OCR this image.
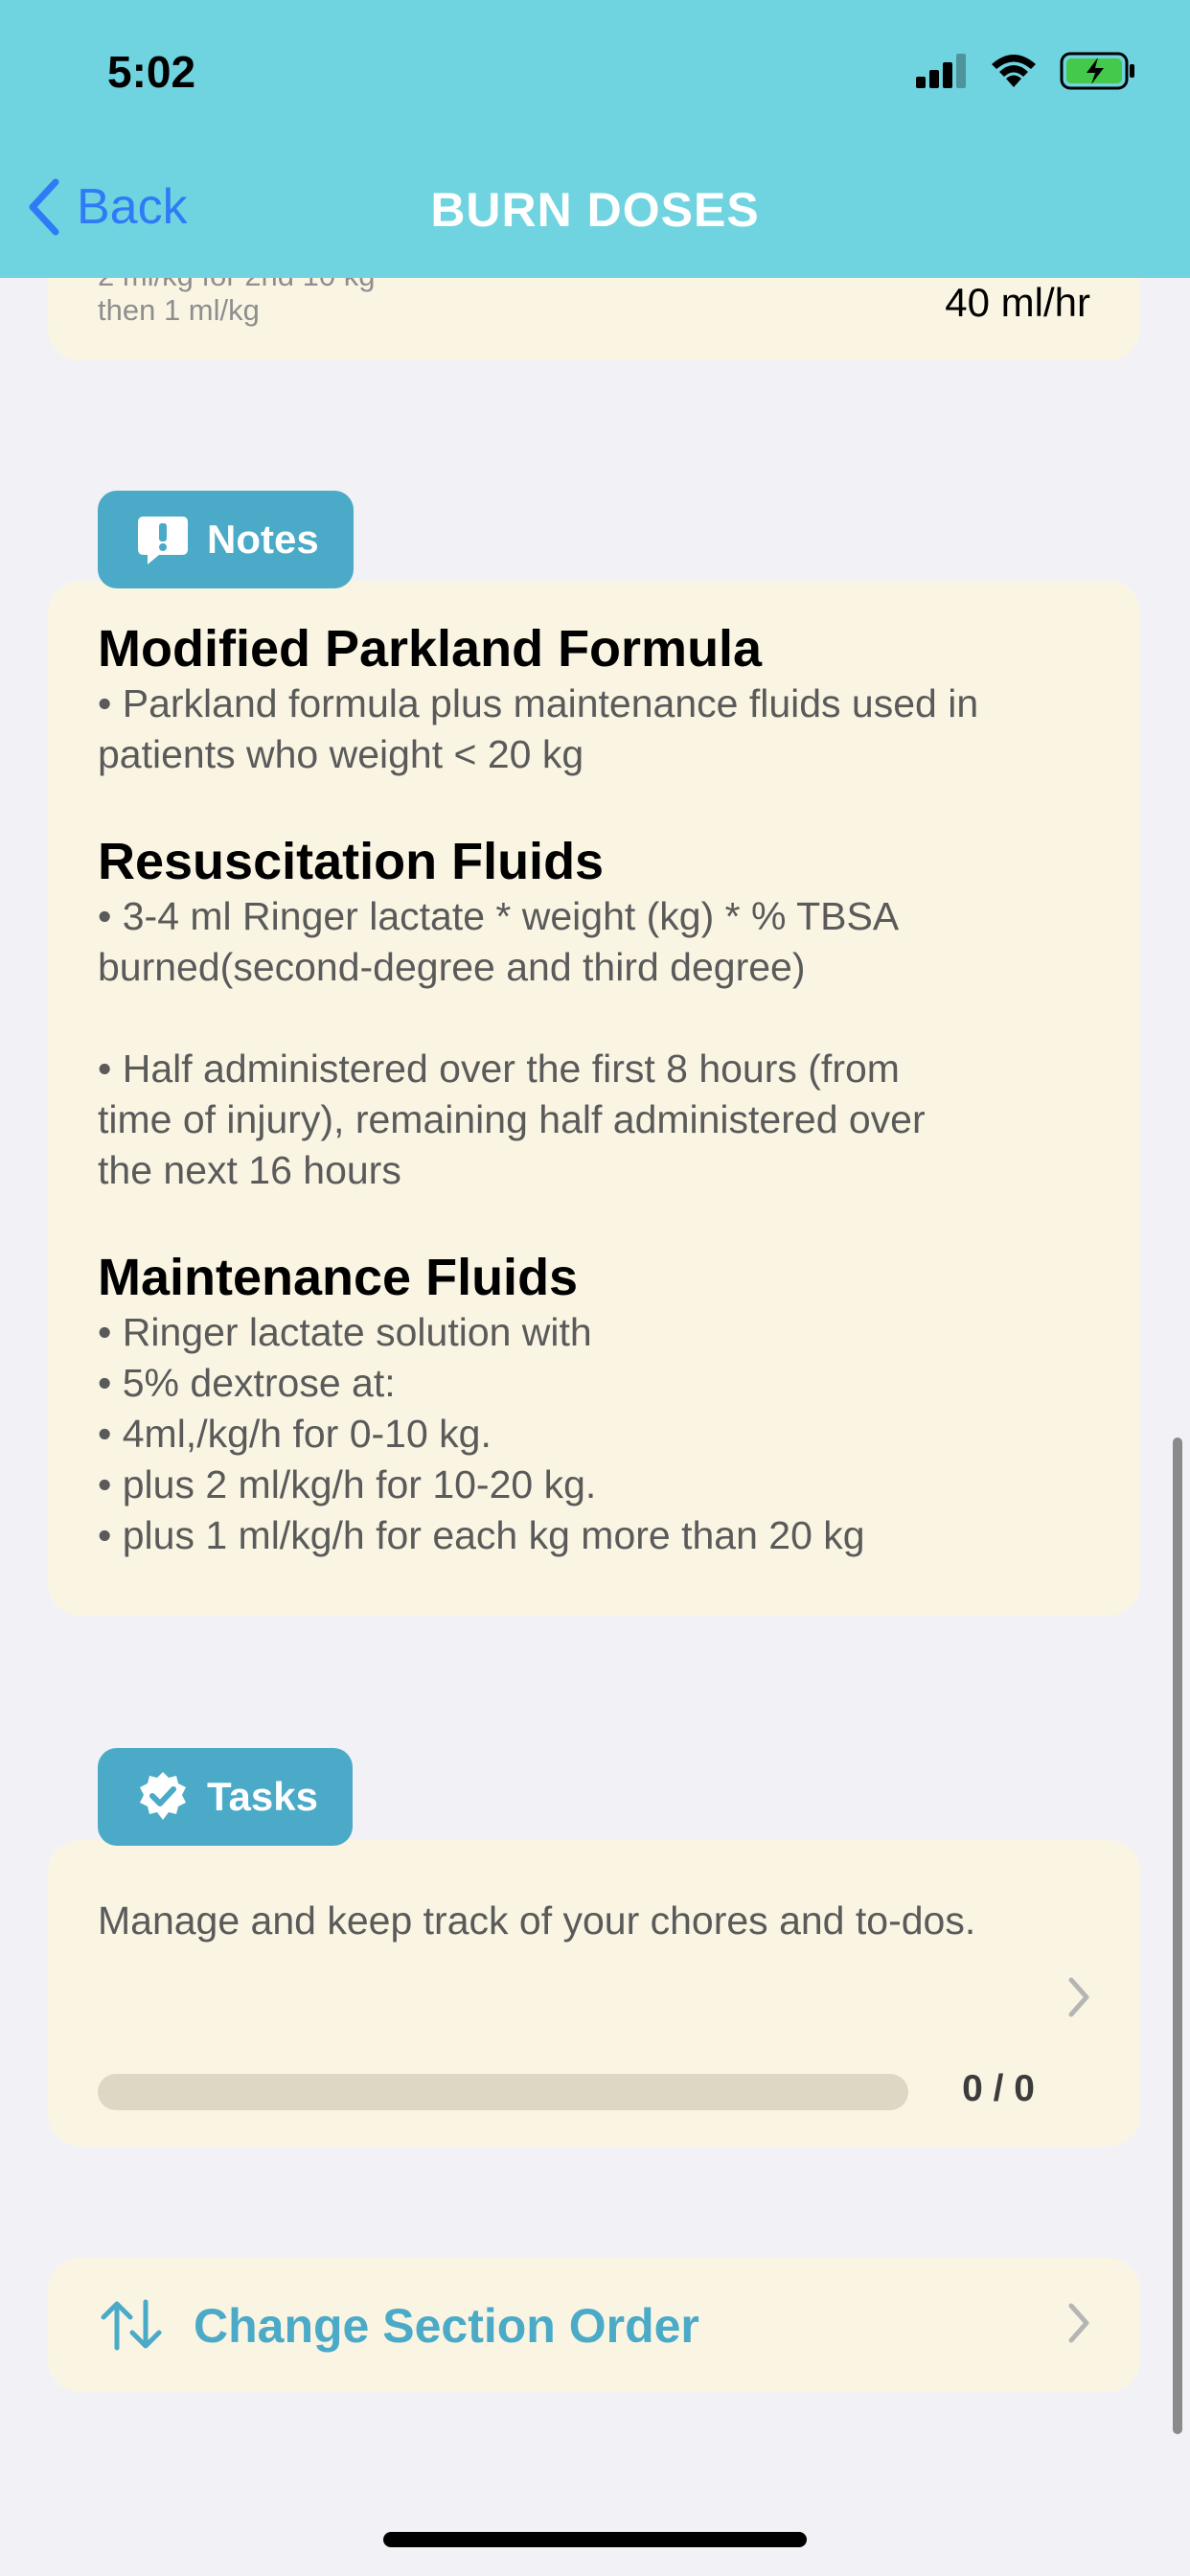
then 1 ml/kg	40 ml/hr
5:02
Back	BURN DOSES
Notes
Modified Parkland Formula
• Parkland formula plus maintenance fluids used in
patients who weight < 20 kg
Resuscitation Fluids
• 3-4 ml Ringer lactate * weight (kg) * % TBSA
burned(second-degree and third degree)

• Half administered over the first 8 hours (from
time of injury), remaining half administered over
the next 16 hours
Maintenance Fluids
• Ringer lactate solution with
• 5% dextrose at:
• 4ml,/kg/h for 0-10 kg.
• plus 2 ml/kg/h for 10-20 kg.
• plus 1 ml/kg/h for each kg more than 20 kg
Tasks
Manage and keep track of your chores and to-dos.
0 / 0
Change Section Order
